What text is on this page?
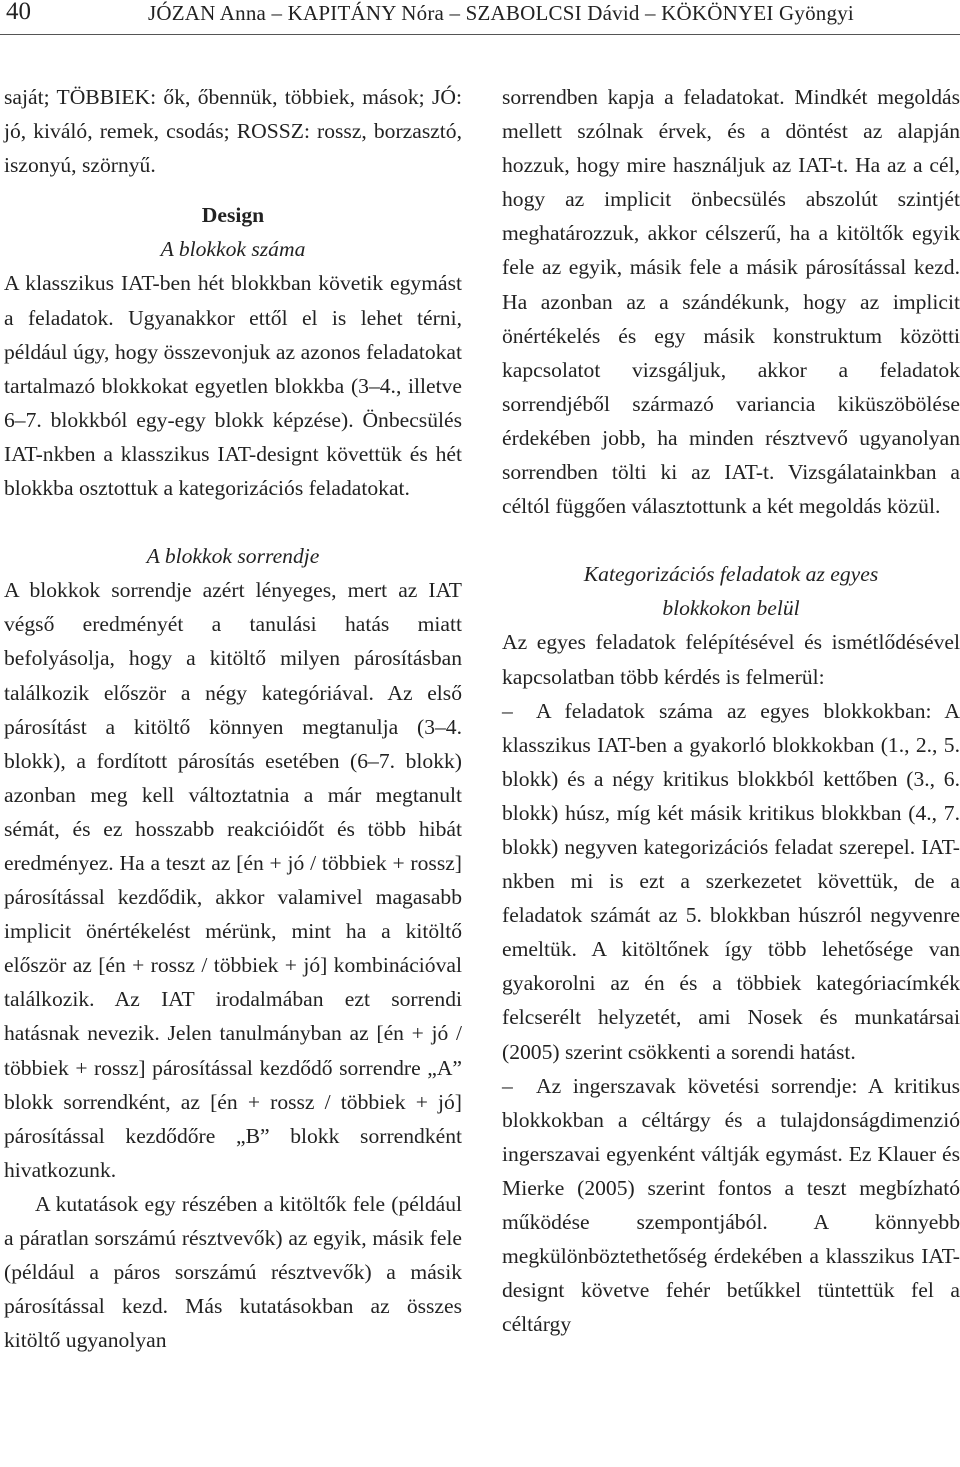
40	JÓZAN Anna – KAPITÁNY Nóra – SZABOLCSI Dávid – KÖKÖNYEI Gyöngyi

saját; TÖBBIEK: ők, őbennük, többiek, mások; JÓ: jó, kiváló, remek, csodás; ROSSZ: rossz, borzasztó, iszonyú, szörnyű.

Design
A blokkok száma

A klasszikus IAT-ben hét blokkban követik egymást a feladatok. Ugyanakkor ettől el is lehet térni, például úgy, hogy összevonjuk az azonos feladatokat tartalmazó blokkokat egyetlen blokkba (3–4., illetve 6–7. blokkból egy-egy blokk képzése). Önbecsülés IAT-nkben a klasszikus IAT-designt követtük és hét blokkba osztottuk a kategorizációs feladatokat.

A blokkok sorrendje

A blokkok sorrendje azért lényeges, mert az IAT végső eredményét a tanulási hatás miatt befolyásolja, hogy a kitöltő milyen párosításban találkozik először a négy kategóriával. Az első párosítást a kitöltő könnyen megtanulja (3–4. blokk), a fordított párosítás esetében (6–7. blokk) azonban meg kell változtatnia a már megtanult sémát, és ez hosszabb reakcióidőt és több hibát eredményez. Ha a teszt az [én + jó / többiek + rossz] párosítással kezdődik, akkor valamivel magasabb implicit önértékelést mérünk, mint ha a kitöltő először az [én + rossz / többiek + jó] kombinációval találkozik. Az IAT irodalmában ezt sorrendi hatásnak nevezik. Jelen tanulmányban az [én + jó / többiek + rossz] párosítással kezdődő sorrendre „A” blokk sorrendként, az [én + rossz / többiek + jó] párosítással kezdődőre „B” blokk sorrendként hivatkozunk.

A kutatások egy részében a kitöltők fele (például a páratlan sorszámú résztvevők) az egyik, másik fele (például a páros sorszámú résztvevők) a másik párosítással kezd. Más kutatásokban az összes kitöltő ugyanolyan

sorrendben kapja a feladatokat. Mindkét megoldás mellett szólnak érvek, és a döntést az alapján hozzuk, hogy mire használjuk az IAT-t. Ha az a cél, hogy az implicit önbecsülés abszolút szintjét meghatározzuk, akkor célszerű, ha a kitöltők egyik fele az egyik, másik fele a másik párosítással kezd. Ha azonban az a szándékunk, hogy az implicit önértékelés és egy másik konstruktum közötti kapcsolatot vizsgáljuk, akkor a feladatok sorrendjéből származó variancia kiküszöbölése érdekében jobb, ha minden résztvevő ugyanolyan sorrendben tölti ki az IAT-t. Vizsgálatainkban a céltól függően választottunk a két megoldás közül.

Kategorizációs feladatok az egyes
blokkokon belül

Az egyes feladatok felépítésével és ismétlődésével kapcsolatban több kérdés is felmerül:

– A feladatok száma az egyes blokkokban: A klasszikus IAT-ben a gyakorló blokkokban (1., 2., 5. blokk) és a négy kritikus blokkból kettőben (3., 6. blokk) húsz, míg két másik kritikus blokkban (4., 7. blokk) negyven kategorizációs feladat szerepel. IAT-nkben mi is ezt a szerkezetet követtük, de a feladatok számát az 5. blokkban húszról negyvenre emeltük. A kitöltőnek így több lehetősége van gyakorolni az én és a többiek kategóriacímkék felcserélt helyzetét, ami Nosek és munkatársai (2005) szerint csökkenti a sorendi hatást.

– Az ingerszavak követési sorrendje: A kritikus blokkokban a céltárgy és a tulajdonságdimenzió ingerszavai egyenként váltják egymást. Ez Klauer és Mierke (2005) szerint fontos a teszt megbízható működése szempontjából. A könnyebb megkülönböztethetőség érdekében a klasszikus IAT-designt követve fehér betűkkel tüntettük fel a céltárgy
